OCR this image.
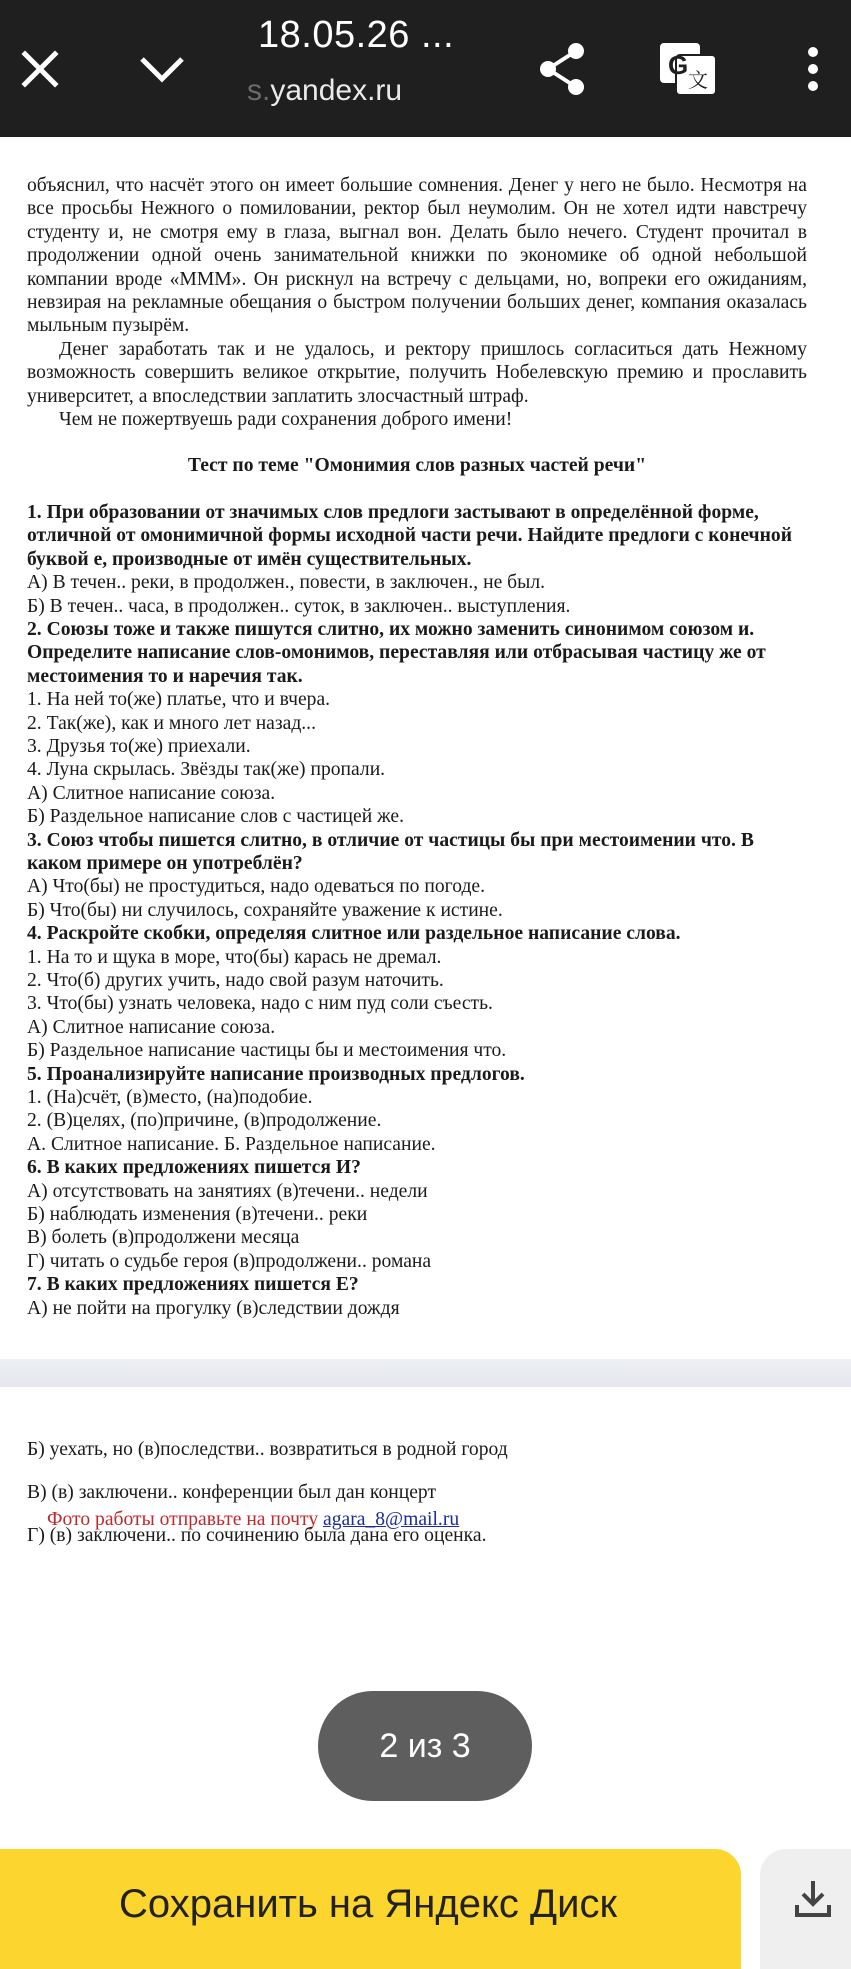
18.05.26 ...
s.yandex.ru
G 文

объяснил, что насчёт этого он имеет большие сомнения. Денег у него не было. Несмотря на все просьбы Нежного о помиловании, ректор был неумолим. Он не хотел идти навстречу студенту и, не смотря ему в глаза, выгнал вон. Делать было нечего. Студент прочитал в продолжении одной очень занимательной книжки по экономике об одной небольшой компании вроде «МММ». Он рискнул на встречу с дельцами, но, вопреки его ожиданиям, невзирая на рекламные обещания о быстром получении больших денег, компания оказалась мыльным пузырём.

Денег заработать так и не удалось, и ректору пришлось согласиться дать Нежному возможность совершить великое открытие, получить Нобелевскую премию и прославить университет, а впоследствии заплатить злосчастный штраф.

Чем не пожертвуешь ради сохранения доброго имени!

Тест по теме "Омонимия слов разных частей речи"

1. При образовании от значимых слов предлоги застывают в определённой форме, отличной от омонимичной формы исходной части речи. Найдите предлоги с конечной буквой е, производные от имён существительных.

А) В течен.. реки, в продолжен., повести, в заключен., не был.

Б) В течен.. часа, в продолжен.. суток, в заключен.. выступления.

2. Союзы тоже и также пишутся слитно, их можно заменить синонимом союзом и. Определите написание слов-омонимов, переставляя или отбрасывая частицу же от местоимения то и наречия так.

1. На ней то(же) платье, что и вчера.

2. Так(же), как и много лет назад...

3. Друзья то(же) приехали.

4. Луна скрылась. Звёзды так(же) пропали.

А) Слитное написание союза.

Б) Раздельное написание слов с частицей же.

3. Союз чтобы пишется слитно, в отличие от частицы бы при местоимении что. В каком примере он употреблён?

А) Что(бы) не простудиться, надо одеваться по погоде.

Б) Что(бы) ни случилось, сохраняйте уважение к истине.

4. Раскройте скобки, определяя слитное или раздельное написание слова.

1. На то и щука в море, что(бы) карась не дремал.

2. Что(б) других учить, надо свой разум наточить.

3. Что(бы) узнать человека, надо с ним пуд соли съесть.

А) Слитное написание союза.

Б) Раздельное написание частицы бы и местоимения что.

5. Проанализируйте написание производных предлогов.

1. (На)счёт, (в)место, (на)подобие.

2. (В)целях, (по)причине, (в)продолжение.

А. Слитное написание. Б. Раздельное написание.

6. В каких предложениях пишется И?

А) отсутствовать на занятиях (в)течени.. недели

Б) наблюдать изменения (в)течени.. реки

В) болеть (в)продолжени месяца

Г) читать о судьбе героя (в)продолжени.. романа

7. В каких предложениях пишется Е?

А) не пойти на прогулку (в)следствии дождя

Б) уехать, но (в)последстви.. возвратиться в родной город

В) (в) заключени.. конференции был дан концерт

Г) (в) заключени.. по сочинению была дана его оценка.

Фото работы отправьте на почту agara_8@mail.ru
2 из 3
Сохранить на Яндекс Диск
